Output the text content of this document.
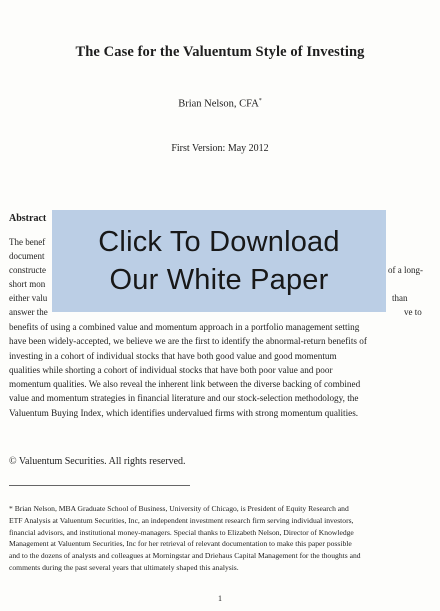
The Case for the Valuentum Style of Investing
Brian Nelson, CFA*
First Version: May 2012
Abstract
The benef
document
constructe	of a long-
short mon
either valu	than
answer the	ve to
benefits of using a combined value and momentum approach in a portfolio management setting
have been widely-accepted, we believe we are the first to identify the abnormal-return benefits of
investing in a cohort of individual stocks that have both good value and good momentum
qualities while shorting a cohort of individual stocks that have both poor value and poor
momentum qualities. We also reveal the inherent link between the diverse backing of combined
value and momentum strategies in financial literature and our stock-selection methodology, the
Valuentum Buying Index, which identifies undervalued firms with strong momentum qualities.
© Valuentum Securities. All rights reserved.
* Brian Nelson, MBA Graduate School of Business, University of Chicago, is President of Equity Research and
ETF Analysis at Valuentum Securities, Inc, an independent investment research firm serving individual investors,
financial advisors, and institutional money-managers. Special thanks to Elizabeth Nelson, Director of Knowledge
Management at Valuentum Securities, Inc for her retrieval of relevant documentation to make this paper possible
and to the dozens of analysts and colleagues at Morningstar and Driehaus Capital Management for the thoughts and
comments during the past several years that ultimately shaped this analysis.
1
Click To Download
Our White Paper
